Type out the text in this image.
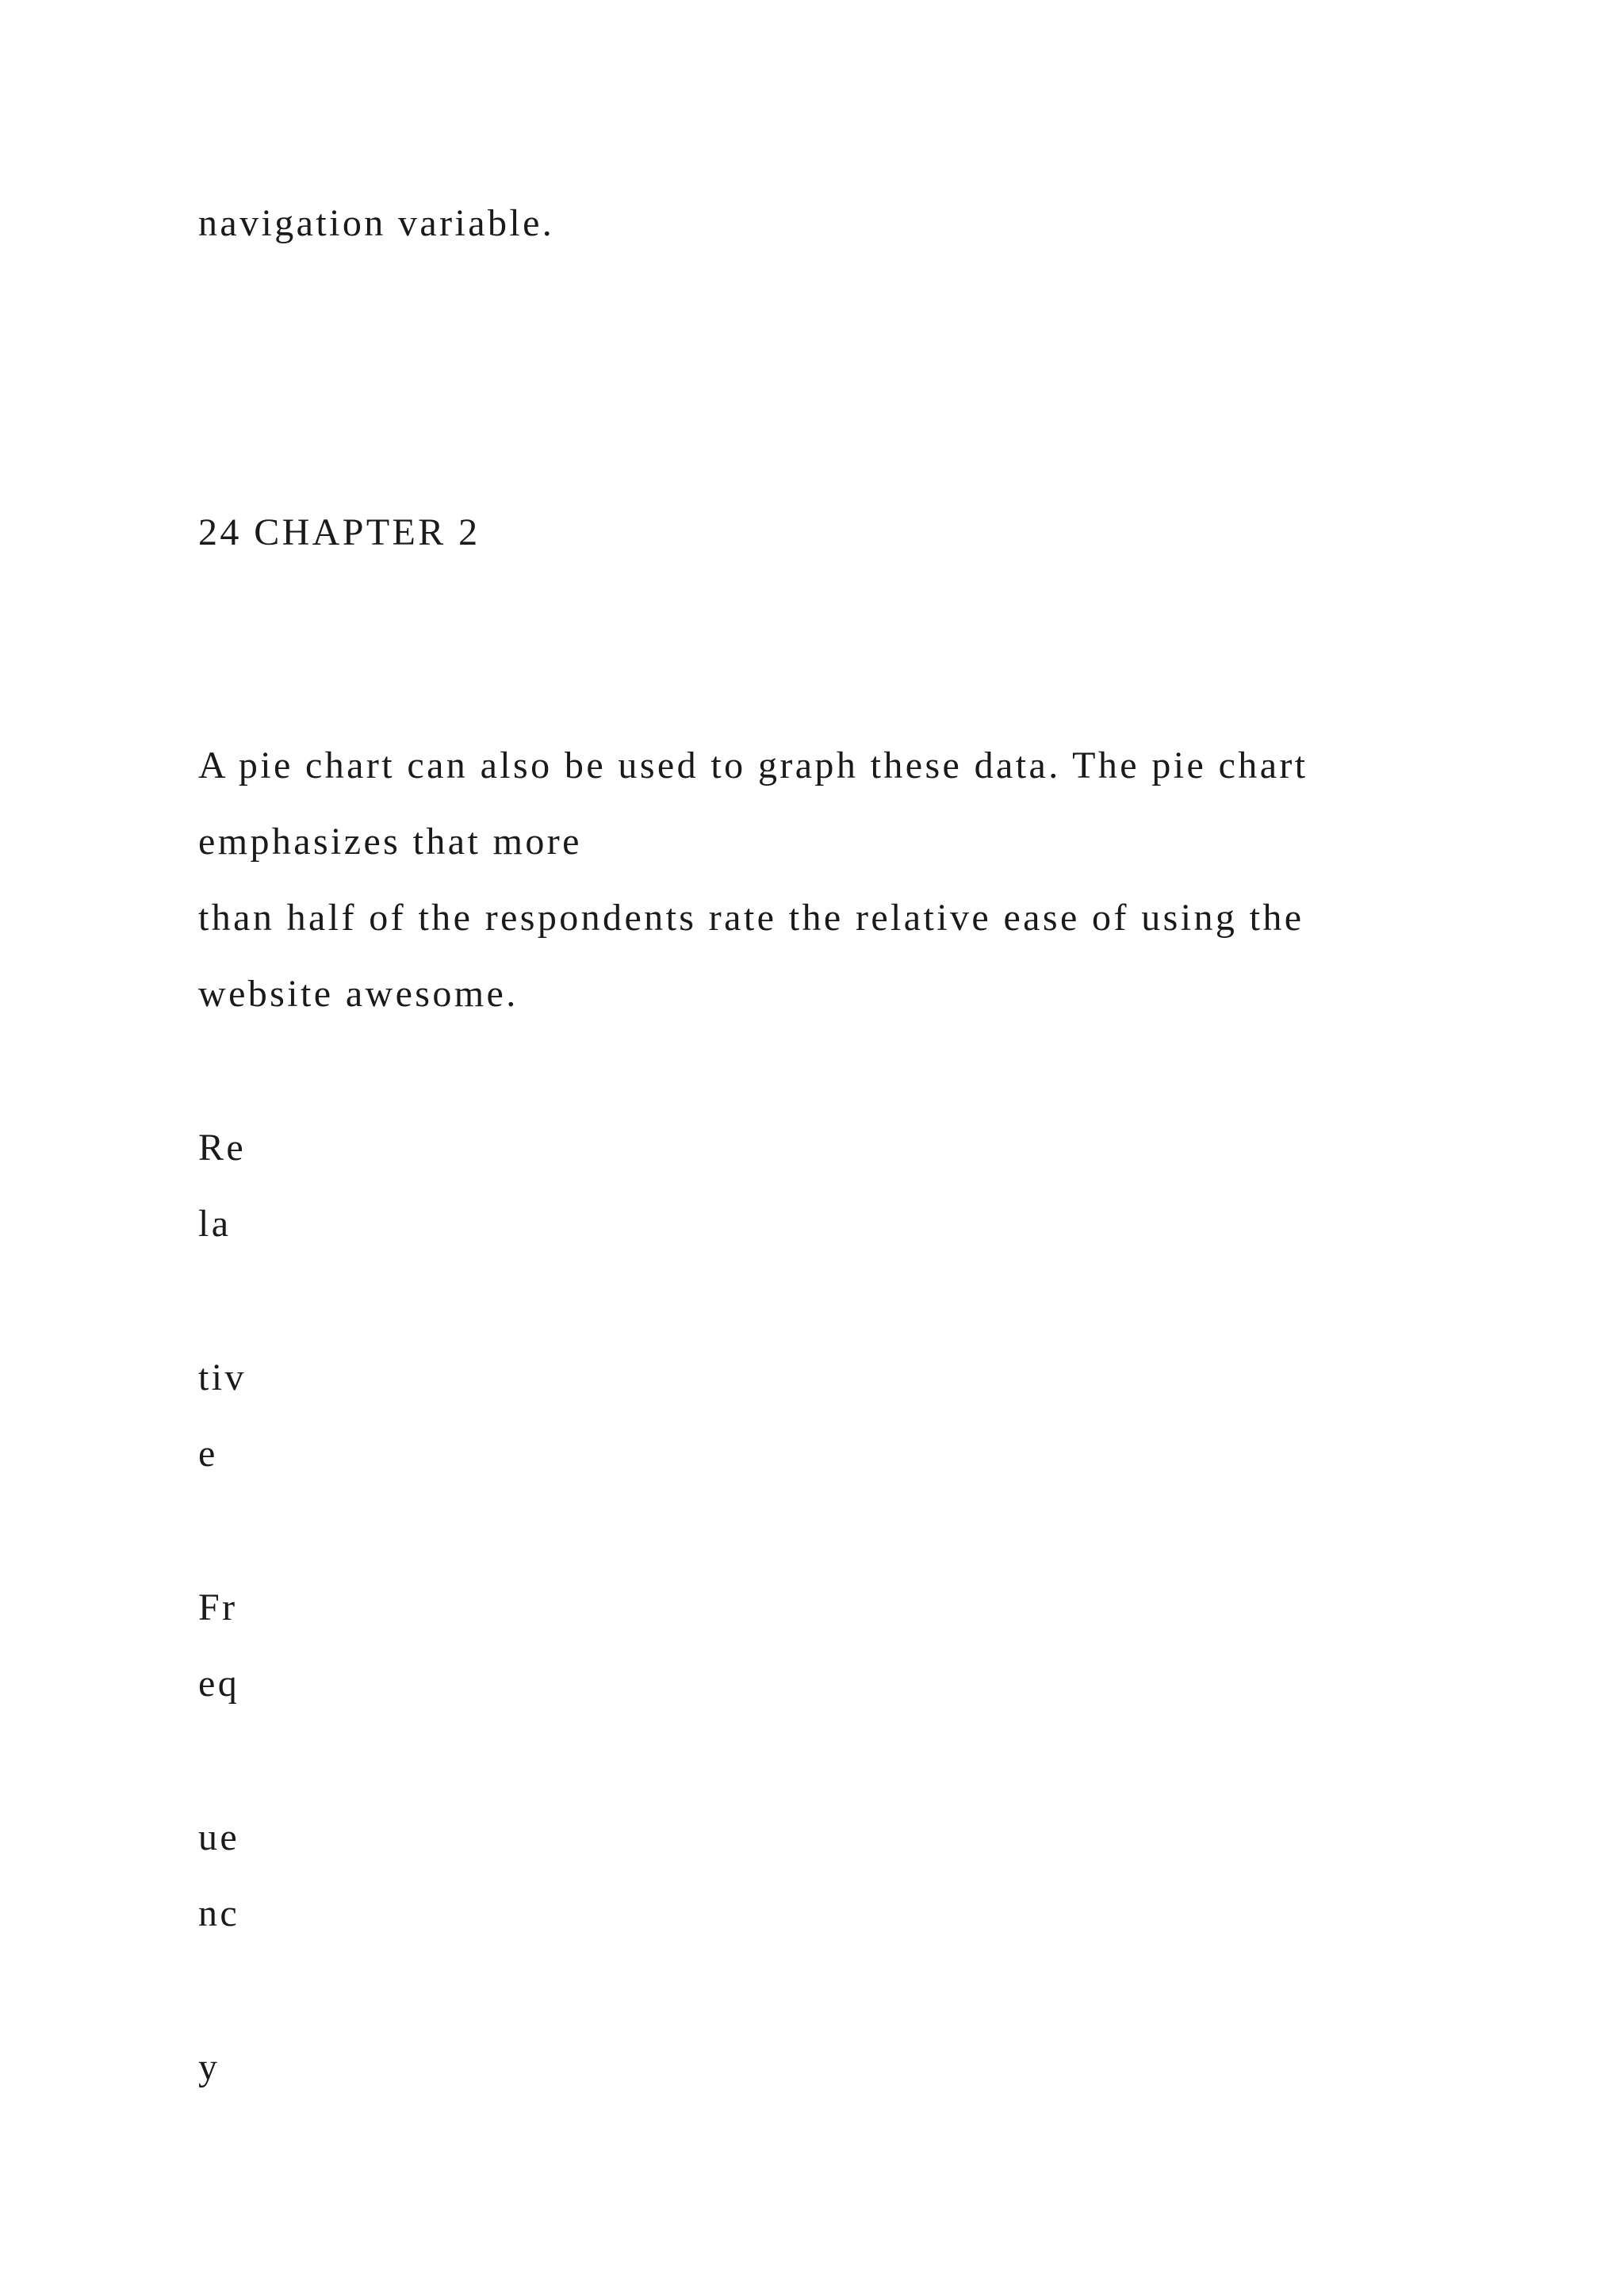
navigation variable.

24 CHAPTER 2

A pie chart can also be used to graph these data. The pie chart

emphasizes that more

than half of the respondents rate the relative ease of using the

website awesome.

Re

la

tiv

e

Fr

eq

ue

nc

y
